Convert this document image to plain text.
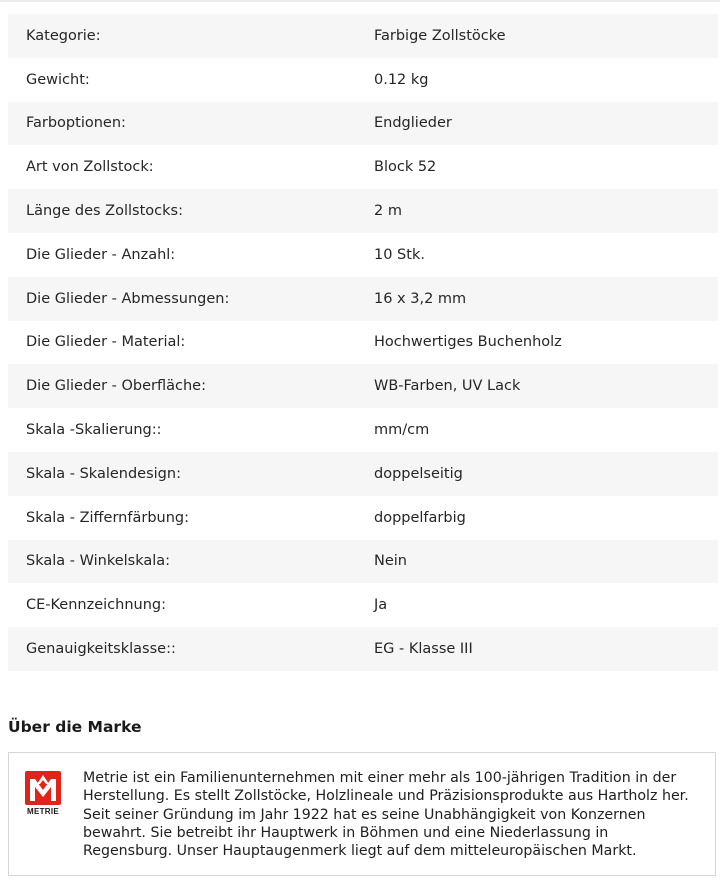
Kategorie:	Farbige Zollstöcke
Gewicht:	0.12 kg
Farboptionen:	Endglieder
Art von Zollstock:	Block 52
Länge des Zollstocks:	2 m
Die Glieder - Anzahl:	10 Stk.
Die Glieder - Abmessungen:	16 x 3,2 mm
Die Glieder - Material:	Hochwertiges Buchenholz
Die Glieder - Oberfläche:	WB-Farben, UV Lack
Skala -Skalierung::	mm/cm
Skala - Skalendesign:	doppelseitig
Skala - Ziffernfärbung:	doppelfarbig
Skala - Winkelskala:	Nein
CE-Kennzeichnung:	Ja
Genauigkeitsklasse::	EG - Klasse III
Über die Marke
METRIE
Metrie ist ein Familienunternehmen mit einer mehr als 100-jährigen Tradition in der Herstellung. Es stellt Zollstöcke, Holzlineale und Präzisionsprodukte aus Hartholz her. Seit seiner Gründung im Jahr 1922 hat es seine Unabhängigkeit von Konzernen bewahrt. Sie betreibt ihr Hauptwerk in Böhmen und eine Niederlassung in Regensburg. Unser Hauptaugenmerk liegt auf dem mitteleuropäischen Markt.
